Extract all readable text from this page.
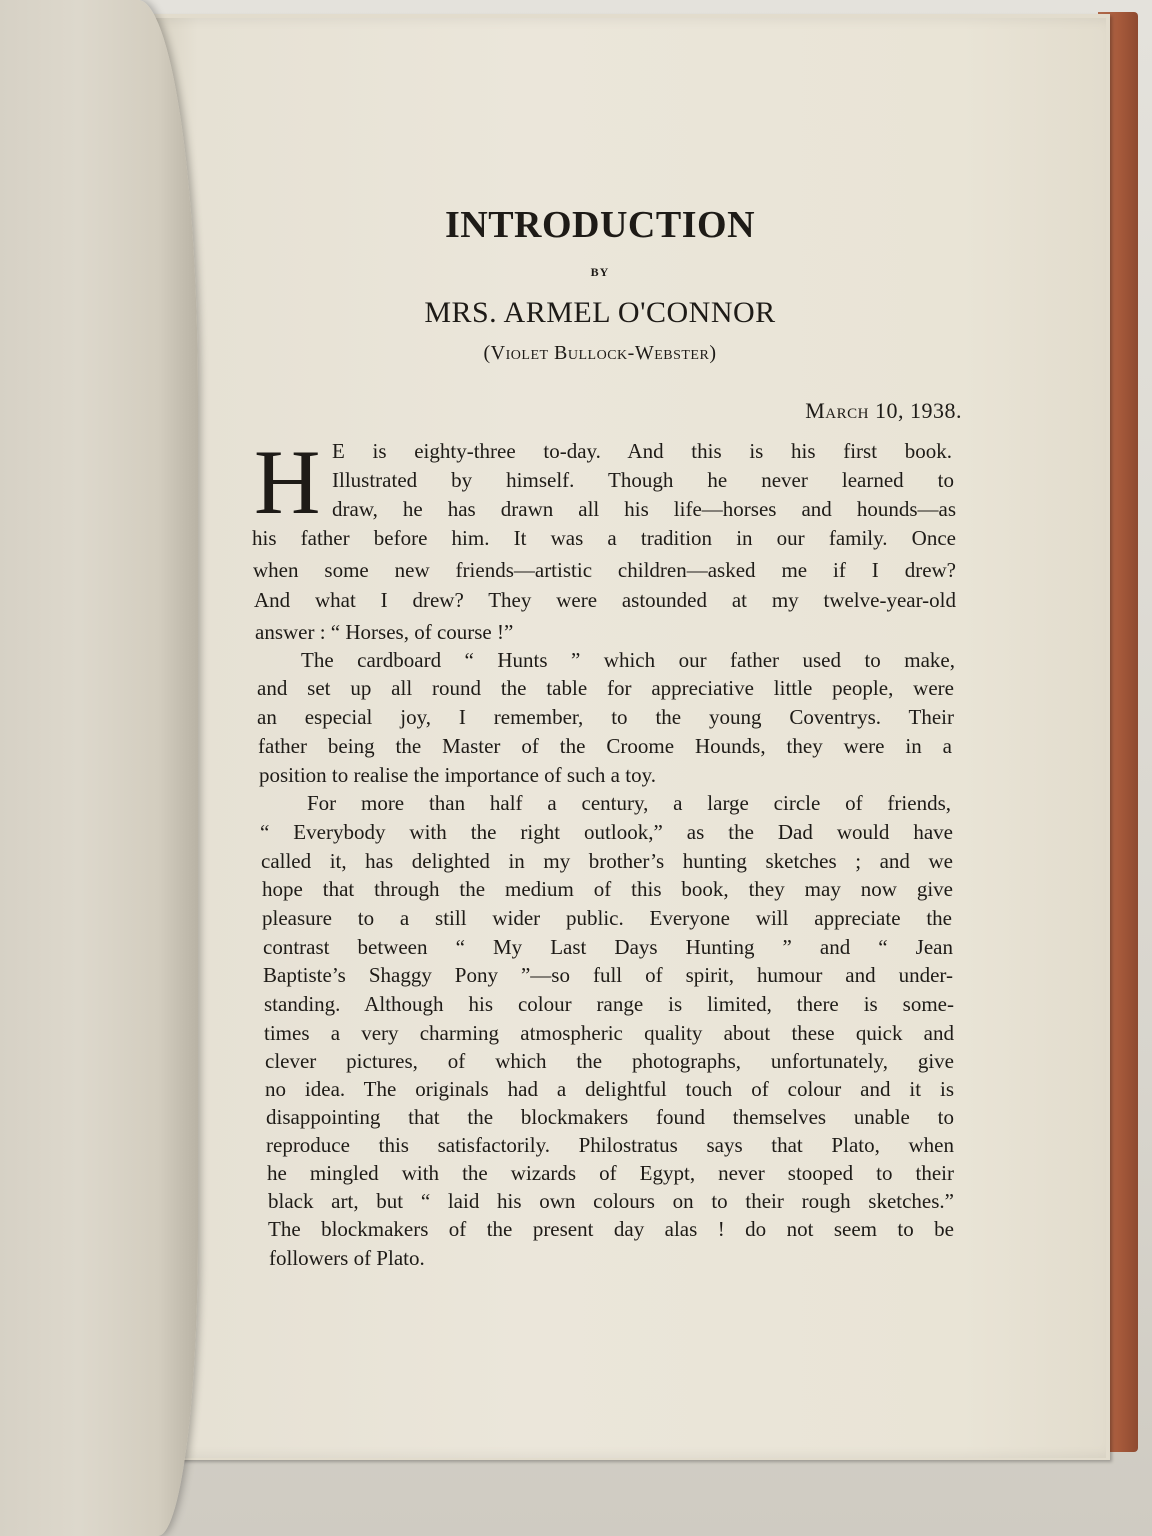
INTRODUCTION
BY
MRS. ARMEL O'CONNOR
(Violet Bullock-Webster)
March 10, 1938.
H E is eighty-three to-day. And this is his first book.
Illustrated by himself. Though he never learned to
draw, he has drawn all his life—horses and hounds—as
his father before him. It was a tradition in our family. Once
when some new friends—artistic children—asked me if I drew?
And what I drew? They were astounded at my twelve-year-old
answer : “ Horses, of course !”
The cardboard “ Hunts ” which our father used to make,
and set up all round the table for appreciative little people, were
an especial joy, I remember, to the young Coventrys. Their
father being the Master of the Croome Hounds, they were in a
position to realise the importance of such a toy.
For more than half a century, a large circle of friends,
“ Everybody with the right outlook,” as the Dad would have
called it, has delighted in my brother’s hunting sketches ; and we
hope that through the medium of this book, they may now give
pleasure to a still wider public. Everyone will appreciate the
contrast between “ My Last Days Hunting ” and “ Jean
Baptiste’s Shaggy Pony ”—so full of spirit, humour and under-
standing. Although his colour range is limited, there is some-
times a very charming atmospheric quality about these quick and
clever pictures, of which the photographs, unfortunately, give
no idea. The originals had a delightful touch of colour and it is
disappointing that the blockmakers found themselves unable to
reproduce this satisfactorily. Philostratus says that Plato, when
he mingled with the wizards of Egypt, never stooped to their
black art, but “ laid his own colours on to their rough sketches.”
The blockmakers of the present day alas ! do not seem to be
followers of Plato.
